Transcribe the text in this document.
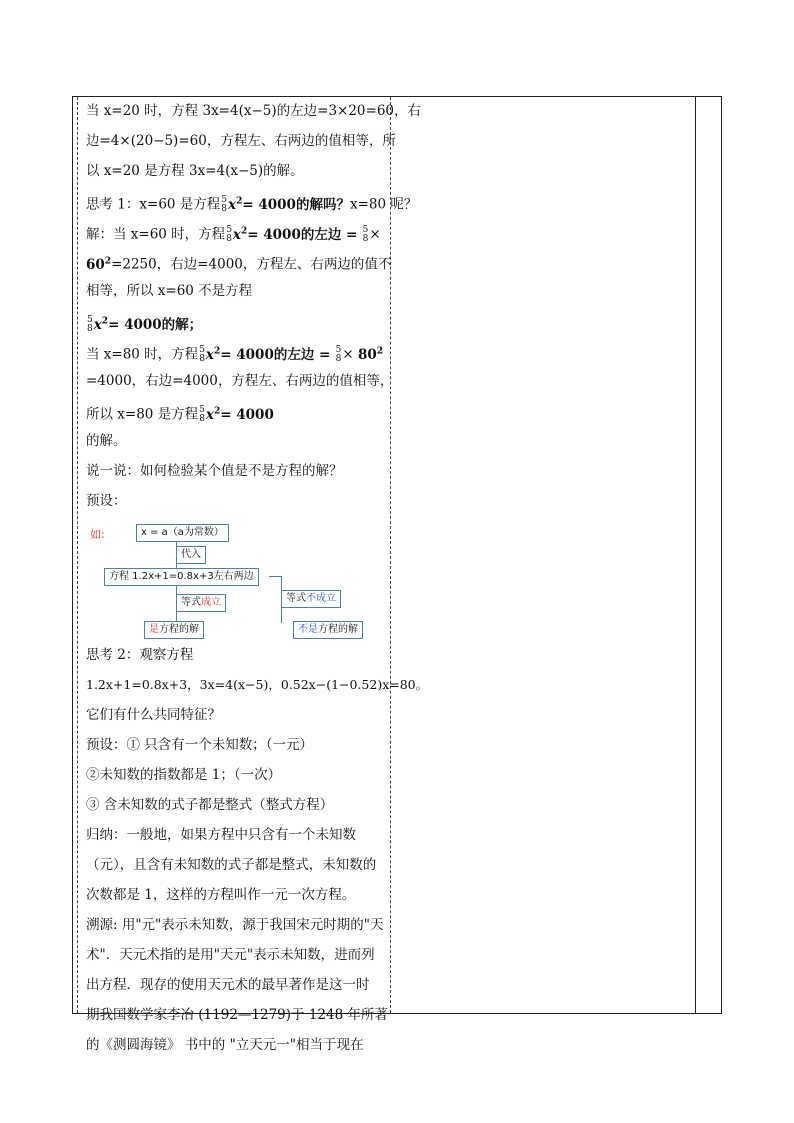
当 x=20 时，方程 3x=4(x−5)的左边=3×20=60，右
边=4×(20−5)=60，方程左、右两边的值相等，所
以 x=20 是方程 3x=4(x−5)的解。
思考 1：x=60 是方程 5
8 $x^2= 4000$的解吗？x=80 呢？
解：当 x=60 时，方程 5
8 $x^2= 4000$的左边 = 5
8 ×
$60^2=2250$，右边=4000，方程左、右两边的值不
相等，所以 x=60 不是方程
5
8 $x^2= 4000$的解；
当 x=80 时，方程 5
8 $x^2= 4000$的左边 = 5
$8 \times 80^2$
=4000，右边=4000，方程左、右两边的值相等，
所以 x=80 是方程 5
8 $x^2= 4000$
的解。
说一说：如何检验某个值是不是方程的解？
预设：
如:	x = a（a为常数）
代入
方程 1.2x+1=0.8x+3左右两边
等式成立	等式不成立
是方程的解	不是方程的解
思考 2：观察方程
1.2x+1=0.8x+3，3x=4(x−5)，0.52x−(1−0.52)x=80。
它们有什么共同特征？
预设：① 只含有一个未知数；（一元）
②未知数的指数都是 1；（一次）
③ 含未知数的式子都是整式（整式方程）
归纳：一般地，如果方程中只含有一个未知数
（元），且含有未知数的式子都是整式，未知数的
次数都是 1，这样的方程叫作一元一次方程。
溯源: 用"元"表示未知数，源于我国宋元时期的"天
术"．天元术指的是用"天元"表示未知数，进而列
出方程．现存的使用天元术的最早著作是这一时
期我国数学家李冶 (1192—1279)于 1248 年所著
的《测圆海镜》 书中的 "立天元一"相当于现在
